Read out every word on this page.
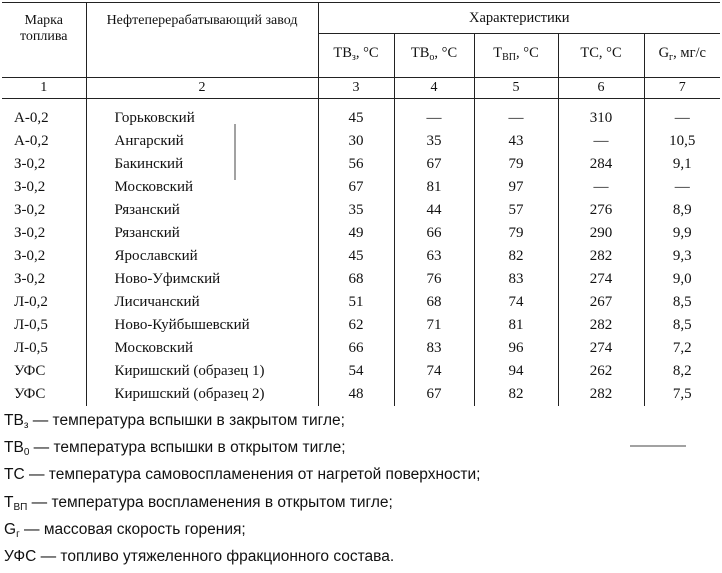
Марка топлива	Нефтеперерабатывающий завод	Характеристики				
		$ТВ_з$, °С	$ТВ_о$, °С	$Т_{ВП}$, °С	ТС, °С	$G_г$, мг/с
1	2	3	4	5	6	7
А-0,2	Горьковский	45	—	—	310	—
А-0,2	Ангарский	30	35	43	—	10,5
З-0,2	Бакинский	56	67	79	284	9,1
З-0,2	Московский	67	81	97	—	—
З-0,2	Рязанский	35	44	57	276	8,9
З-0,2	Рязанский	49	66	79	290	9,9
З-0,2	Ярославский	45	63	82	282	9,3
З-0,2	Ново-Уфимский	68	76	83	274	9,0
Л-0,2	Лисичанский	51	68	74	267	8,5
Л-0,5	Ново-Куйбышевский	62	71	81	282	8,5
Л-0,5	Московский	66	83	96	274	7,2
УФС	Киришский (образец 1)	54	74	94	262	8,2
УФС	Киришский (образец 2)	48	67	82	282	7,5
$ТВ_з$ — температура вспышки в закрытом тигле;
$ТВ_0$ — температура вспышки в открытом тигле;
ТС — температура самовоспламенения от нагретой поверхности;
$Т_{ВП}$ — температура воспламенения в открытом тигле;
$G_г$ — массовая скорость горения;
УФС — топливо утяжеленного фракционного состава.
